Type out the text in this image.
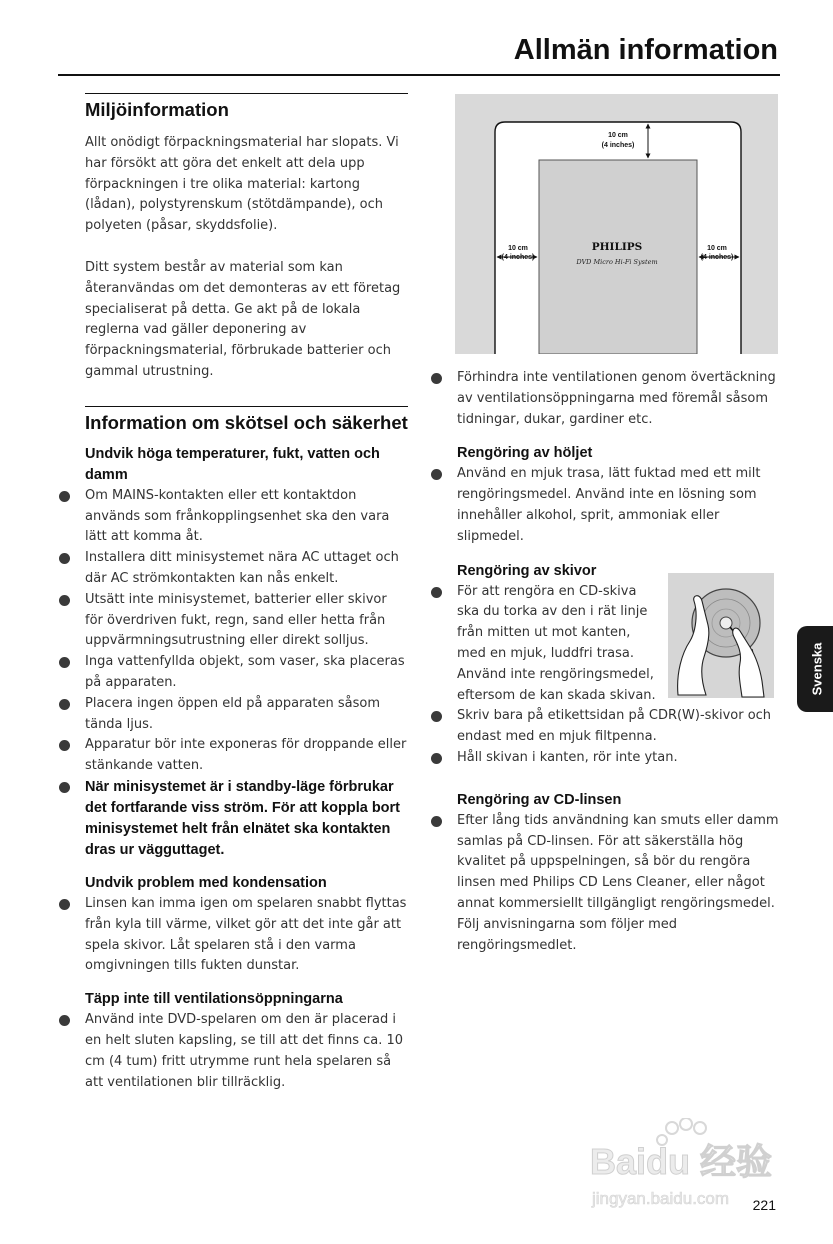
Allmän information
Miljöinformation

Allt onödigt förpackningsmaterial har slopats. Vi har försökt att göra det enkelt att dela upp förpackningen i tre olika material: kartong (lådan), polystyrenskum (stötdämpande), och polyeten (påsar, skyddsfolie).

Ditt system består av material som kan återanvändas om det demonteras av ett företag specialiserat på detta. Ge akt på de lokala reglerna vad gäller deponering av förpackningsmaterial, förbrukade batterier och gammal utrustning.

Information om skötsel och säkerhet
Undvik höga temperaturer, fukt, vatten och damm
Om MAINS-kontakten eller ett kontaktdon används som frånkopplingsenhet ska den vara lätt att komma åt.
Installera ditt minisystemet nära AC uttaget och där AC strömkontakten kan nås enkelt.
Utsätt inte minisystemet, batterier eller skivor för överdriven fukt, regn, sand eller hetta från uppvärmningsutrustning eller direkt solljus.
Inga vattenfyllda objekt, som vaser, ska placeras på apparaten.
Placera ingen öppen eld på apparaten såsom tända ljus.
Apparatur bör inte exponeras för droppande eller stänkande vatten.
När minisystemet är i standby-läge förbrukar det fortfarande viss ström. För att koppla bort minisystemet helt från elnätet ska kontakten dras ur vägguttaget.
Undvik problem med kondensation
Linsen kan imma igen om spelaren snabbt flyttas från kyla till värme, vilket gör att det inte går att spela skivor. Låt spelaren stå i den varma omgivningen tills fukten dunstar.
Täpp inte till ventilationsöppningarna
Använd inte DVD-spelaren om den är placerad i en helt sluten kapsling, se till att det finns ca. 10 cm (4 tum) fritt utrymme runt hela spelaren så att ventilationen blir tillräcklig.
10 cm
(4 inches)
10 cm
(4 inches)
10 cm
(4 inches)
PHILIPS
DVD Micro Hi-Fi System
Förhindra inte ventilationen genom övertäckning av ventilationsöppningarna med föremål såsom tidningar, dukar, gardiner etc.
Rengöring av höljet
Använd en mjuk trasa, lätt fuktad med ett milt rengöringsmedel. Använd inte en lösning som innehåller alkohol, sprit, ammoniak eller slipmedel.
Rengöring av skivor
För att rengöra en CD-skiva ska du torka av den i rät linje från mitten ut mot kanten, med en mjuk, luddfri trasa. Använd inte rengöringsmedel, eftersom de kan skada skivan.
Skriv bara på etikettsidan på CDR(W)-skivor och endast med en mjuk filtpenna.
Håll skivan i kanten, rör inte ytan.
Rengöring av CD-linsen
Efter lång tids användning kan smuts eller damm samlas på CD-linsen. För att säkerställa hög kvalitet på uppspelningen, så bör du rengöra linsen med Philips CD Lens Cleaner, eller något annat kommersiellt tillgängligt rengöringsmedel. Följ anvisningarna som följer med rengöringsmedlet.
Svenska
Baidu 经验
jingyan.baidu.com 221
